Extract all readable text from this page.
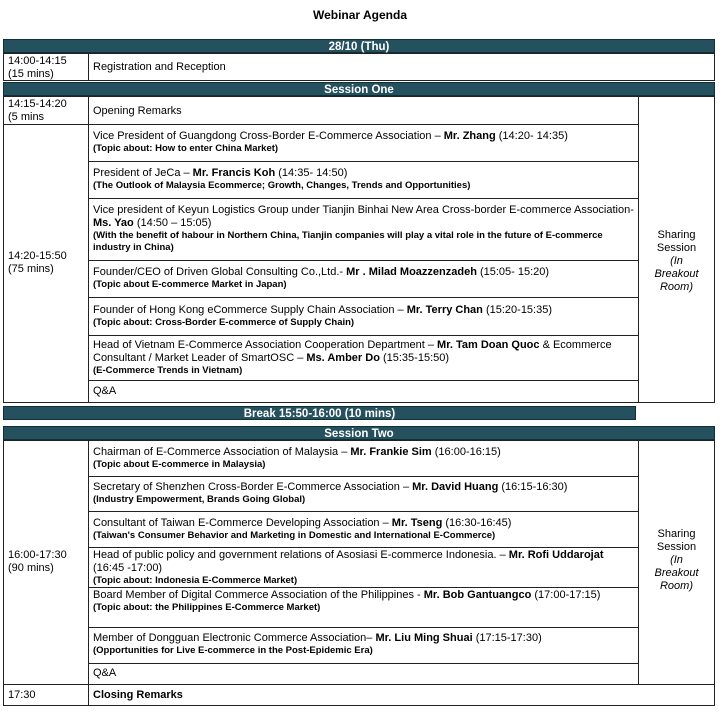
Webinar Agenda
28/10 (Thu)
14:00-14:15
(15 mins)
Registration and Reception
Session One
14:15-14:20
(5 mins	Opening Remarks
14:20-15:50
(75 mins)
Vice President of Guangdong Cross-Border E-Commerce Association – Mr. Zhang (14:20- 14:35)
(Topic about: How to enter China Market)
President of JeCa – Mr. Francis Koh (14:35- 14:50)
(The Outlook of Malaysia Ecommerce; Growth, Changes, Trends and Opportunities)
Vice president of Keyun Logistics Group under Tianjin Binhai New Area Cross-border E-commerce Association- Ms. Yao (14:50 – 15:05)
(With the benefit of habour in Northern China, Tianjin companies will play a vital role in the future of E-commerce industry in China)
Founder/CEO of Driven Global Consulting Co.,Ltd.- Mr . Milad Moazzenzadeh (15:05- 15:20)
(Topic about E-commerce Market in Japan)
Founder of Hong Kong eCommerce Supply Chain Association – Mr. Terry Chan (15:20-15:35)
(Topic about: Cross-Border E-commerce of Supply Chain)
Head of Vietnam E-Commerce Association Cooperation Department – Mr. Tam Doan Quoc & Ecommerce Consultant / Market Leader of SmartOSC – Ms. Amber Do (15:35-15:50)
(E-Commerce Trends in Vietnam)
Q&A
Sharing
Session
(In
Breakout
Room)
Break 15:50-16:00 (10 mins)
Session Two
16:00-17:30
(90 mins)
Chairman of E-Commerce Association of Malaysia – Mr. Frankie Sim (16:00-16:15)
(Topic about E-commerce in Malaysia)
Secretary of Shenzhen Cross-Border E-Commerce Association – Mr. David Huang (16:15-16:30)
(Industry Empowerment, Brands Going Global)
Consultant of Taiwan E-Commerce Developing Association – Mr. Tseng (16:30-16:45)
(Taiwan's Consumer Behavior and Marketing in Domestic and International E-Commerce)
Head of public policy and government relations of Asosiasi E-commerce Indonesia. – Mr. Rofi Uddarojat (16:45 -17:00)
(Topic about: Indonesia E-Commerce Market)
Board Member of Digital Commerce Association of the Philippines - Mr. Bob Gantuangco (17:00-17:15)
(Topic about: the Philippines E-Commerce Market)
Member of Dongguan Electronic Commerce Association– Mr. Liu Ming Shuai (17:15-17:30)
(Opportunities for Live E-commerce in the Post-Epidemic Era)
Q&A
Sharing
Session
(In
Breakout
Room)
17:30	Closing Remarks
